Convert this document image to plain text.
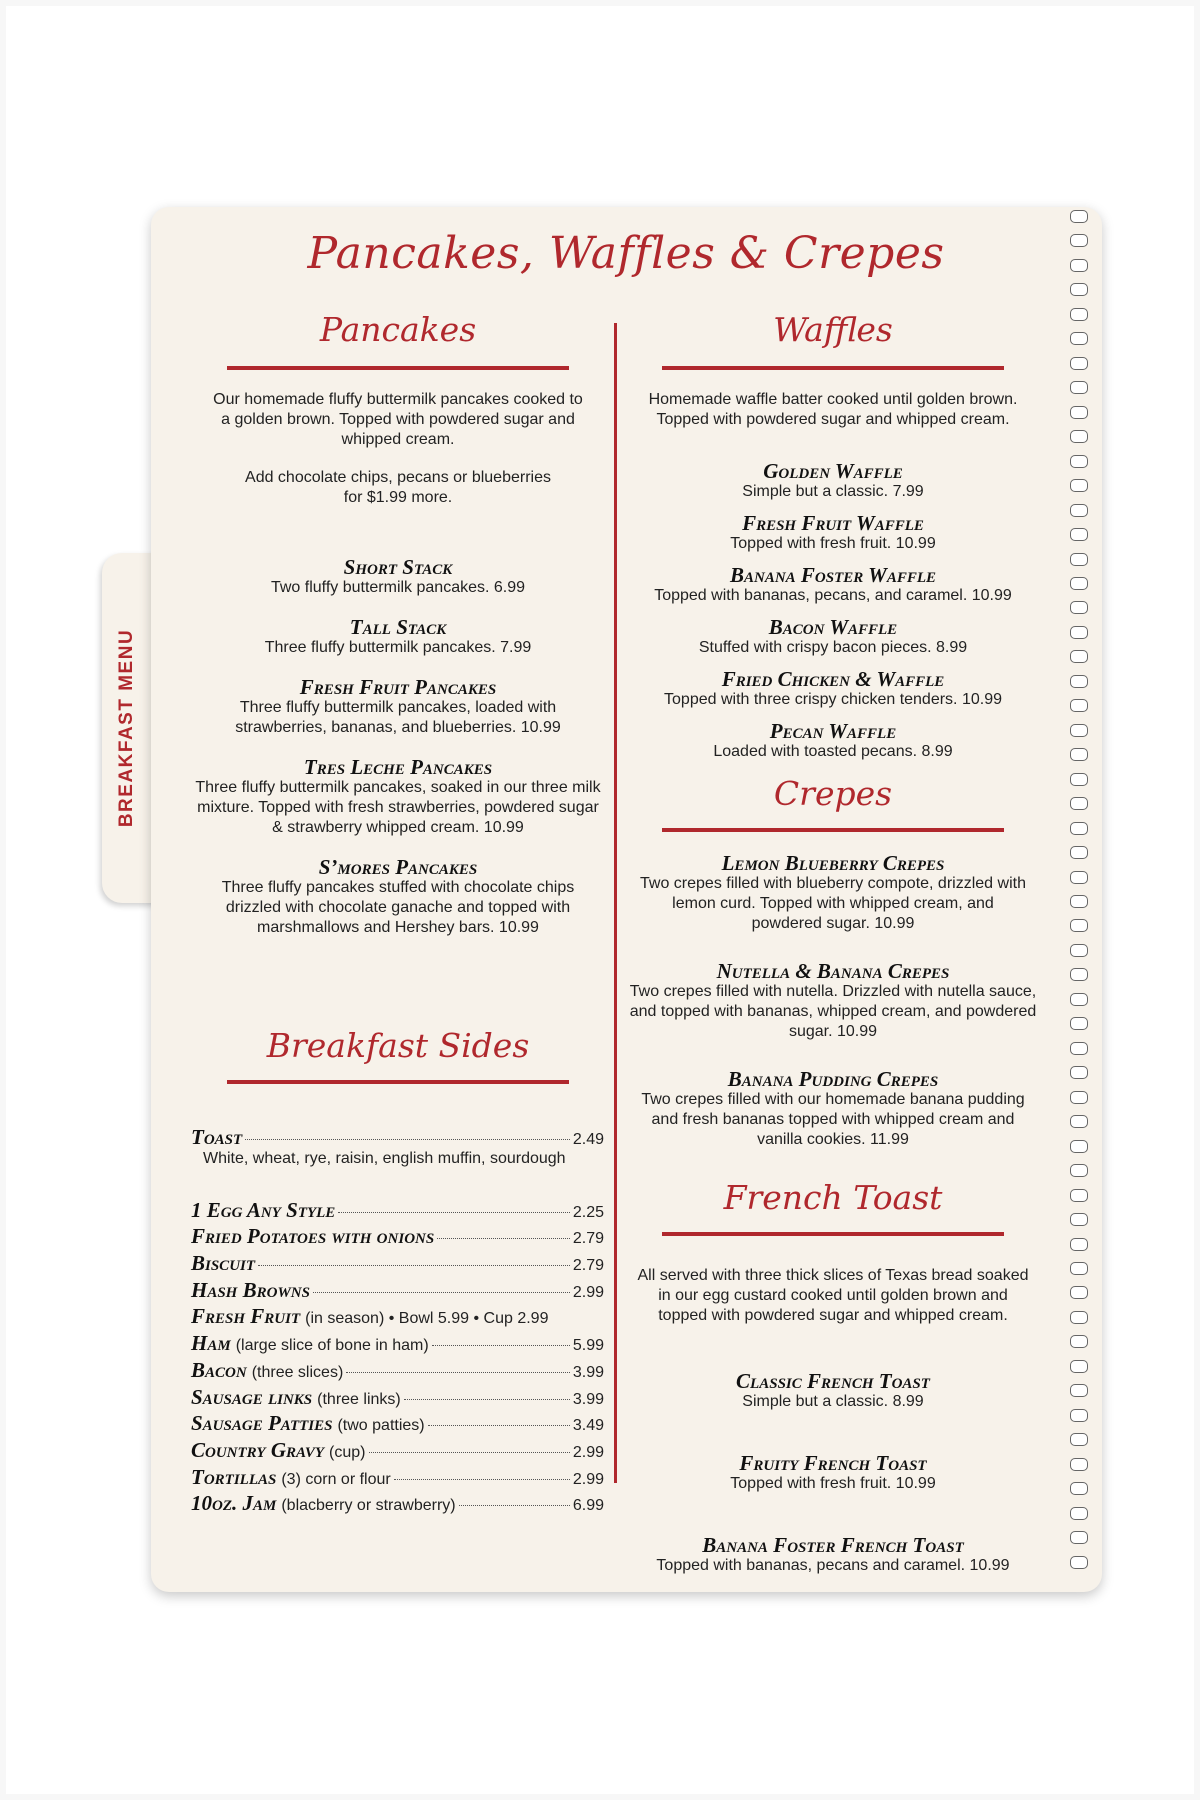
BREAKFAST MENU
Pancakes, Waffles & Crepes
Pancakes
Our homemade fluffy buttermilk pancakes cooked to a golden brown. Topped with powdered sugar and whipped cream.
Add chocolate chips, pecans or blueberries for $1.99 more.
Short Stack
Two fluffy buttermilk pancakes. 6.99
Tall Stack
Three fluffy buttermilk pancakes. 7.99
Fresh Fruit Pancakes
Three fluffy buttermilk pancakes, loaded with strawberries, bananas, and blueberries. 10.99
Tres Leche Pancakes
Three fluffy buttermilk pancakes, soaked in our three milk mixture. Topped with fresh strawberries, powdered sugar & strawberry whipped cream. 10.99
S’mores Pancakes
Three fluffy pancakes stuffed with chocolate chips drizzled with chocolate ganache and topped with marshmallows and Hershey bars. 10.99
Breakfast Sides
Toast	2.49
White, wheat, rye, raisin, english muffin, sourdough
1 Egg Any Style	2.25
Fried Potatoes with onions	2.79
Biscuit	2.79
Hash Browns	2.99
Fresh Fruit (in season) • Bowl 5.99 • Cup 2.99
Ham (large slice of bone in ham)	5.99
Bacon (three slices)	3.99
Sausage links (three links)	3.99
Sausage Patties (two patties)	3.49
Country Gravy (cup)	2.99
Tortillas (3) corn or flour	2.99
10oz. Jam (blacberry or strawberry)	6.99
Waffles
Homemade waffle batter cooked until golden brown. Topped with powdered sugar and whipped cream.
Golden Waffle
Simple but a classic. 7.99
Fresh Fruit Waffle
Topped with fresh fruit. 10.99
Banana Foster Waffle
Topped with bananas, pecans, and caramel. 10.99
Bacon Waffle
Stuffed with crispy bacon pieces. 8.99
Fried Chicken & Waffle
Topped with three crispy chicken tenders. 10.99
Pecan Waffle
Loaded with toasted pecans. 8.99
Crepes
Lemon Blueberry Crepes
Two crepes filled with blueberry compote, drizzled with lemon curd. Topped with whipped cream, and powdered sugar. 10.99
Nutella & Banana Crepes
Two crepes filled with nutella. Drizzled with nutella sauce, and topped with bananas, whipped cream, and powdered sugar. 10.99
Banana Pudding Crepes
Two crepes filled with our homemade banana pudding and fresh bananas topped with whipped cream and vanilla cookies. 11.99
French Toast
All served with three thick slices of Texas bread soaked in our egg custard cooked until golden brown and topped with powdered sugar and whipped cream.
Classic French Toast
Simple but a classic. 8.99
Fruity French Toast
Topped with fresh fruit. 10.99
Banana Foster French Toast
Topped with bananas, pecans and caramel. 10.99
